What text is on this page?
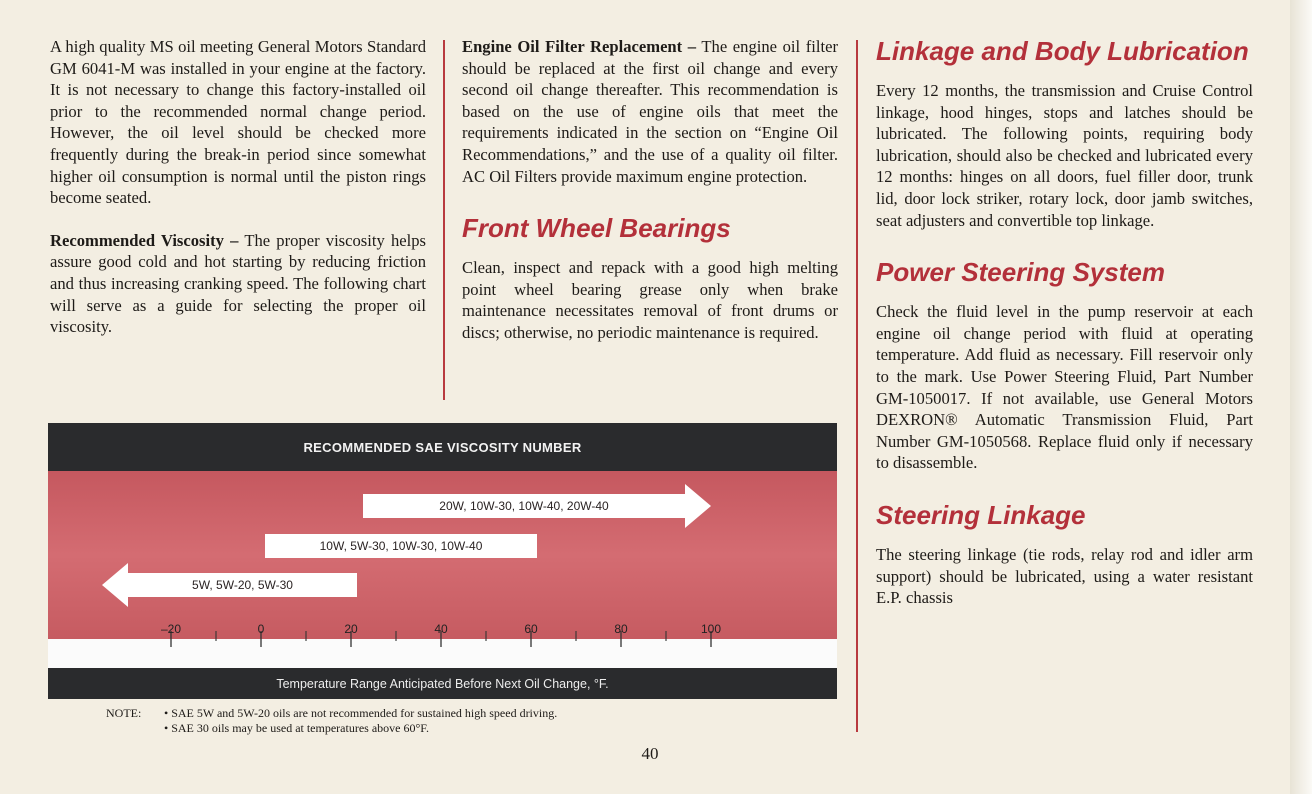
A high quality MS oil meeting General Motors Standard GM 6041-M was installed in your engine at the factory. It is not necessary to change this factory-installed oil prior to the recommended normal change period. However, the oil level should be checked more frequently during the break-in period since somewhat higher oil consumption is normal until the piston rings become seated.

Recommended Viscosity – The proper viscosity helps assure good cold and hot starting by reducing friction and thus increasing cranking speed. The following chart will serve as a guide for selecting the proper oil viscosity.

Engine Oil Filter Replacement – The engine oil filter should be replaced at the first oil change and every second oil change thereafter. This recommendation is based on the use of engine oils that meet the requirements indicated in the section on “Engine Oil Recommendations,” and the use of a quality oil filter. AC Oil Filters provide maximum engine protection.

Front Wheel Bearings

Clean, inspect and repack with a good high melting point wheel bearing grease only when brake maintenance necessitates removal of front drums or discs; otherwise, no periodic maintenance is required.

Linkage and Body Lubrication

Every 12 months, the transmission and Cruise Control linkage, hood hinges, stops and latches should be lubricated. The following points, requiring body lubrication, should also be checked and lubricated every 12 months: hinges on all doors, fuel filler door, trunk lid, door lock striker, rotary lock, door jamb switches, seat adjusters and convertible top linkage.

Power Steering System

Check the fluid level in the pump reservoir at each engine oil change period with fluid at operating temperature. Add fluid as necessary. Fill reservoir only to the mark. Use Power Steering Fluid, Part Number GM-1050017. If not available, use General Motors DEXRON® Automatic Transmission Fluid, Part Number GM-1050568. Replace fluid only if necessary to disassemble.

Steering Linkage

The steering linkage (tie rods, relay rod and idler arm support) should be lubricated, using a water resistant E.P. chassis

RECOMMENDED SAE VISCOSITY NUMBER
20W, 10W-30, 10W-40, 20W-40
10W, 5W-30, 10W-30, 10W-40
5W, 5W-20, 5W-30
–20	0	20	40	60	80	100
Temperature Range Anticipated Before Next Oil Change, °F.
NOTE: • SAE 5W and 5W-20 oils are not recommended for sustained high speed driving.
• SAE 30 oils may be used at temperatures above 60°F.
40
